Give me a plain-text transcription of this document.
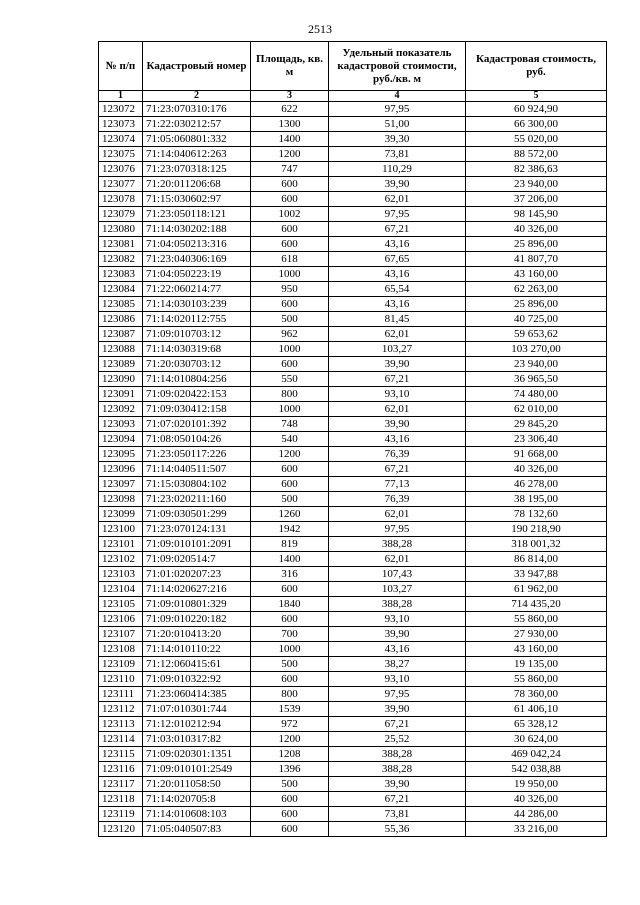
2513
№ п/п	Кадастровый номер	Площадь, кв. м	Удельный показатель кадастровой стоимости, руб./кв. м	Кадастровая стоимость, руб.
1	2	3	4	5
123072	71:23:070310:176	622	97,95	60 924,90
123073	71:22:030212:57	1300	51,00	66 300,00
123074	71:05:060801:332	1400	39,30	55 020,00
123075	71:14:040612:263	1200	73,81	88 572,00
123076	71:23:070318:125	747	110,29	82 386,63
123077	71:20:011206:68	600	39,90	23 940,00
123078	71:15:030602:97	600	62,01	37 206,00
123079	71:23:050118:121	1002	97,95	98 145,90
123080	71:14:030202:188	600	67,21	40 326,00
123081	71:04:050213:316	600	43,16	25 896,00
123082	71:23:040306:169	618	67,65	41 807,70
123083	71:04:050223:19	1000	43,16	43 160,00
123084	71:22:060214:77	950	65,54	62 263,00
123085	71:14:030103:239	600	43,16	25 896,00
123086	71:14:020112:755	500	81,45	40 725,00
123087	71:09:010703:12	962	62,01	59 653,62
123088	71:14:030319:68	1000	103,27	103 270,00
123089	71:20:030703:12	600	39,90	23 940,00
123090	71:14:010804:256	550	67,21	36 965,50
123091	71:09:020422:153	800	93,10	74 480,00
123092	71:09:030412:158	1000	62,01	62 010,00
123093	71:07:020101:392	748	39,90	29 845,20
123094	71:08:050104:26	540	43,16	23 306,40
123095	71:23:050117:226	1200	76,39	91 668,00
123096	71:14:040511:507	600	67,21	40 326,00
123097	71:15:030804:102	600	77,13	46 278,00
123098	71:23:020211:160	500	76,39	38 195,00
123099	71:09:030501:299	1260	62,01	78 132,60
123100	71:23:070124:131	1942	97,95	190 218,90
123101	71:09:010101:2091	819	388,28	318 001,32
123102	71:09:020514:7	1400	62,01	86 814,00
123103	71:01:020207:23	316	107,43	33 947,88
123104	71:14:020627:216	600	103,27	61 962,00
123105	71:09:010801:329	1840	388,28	714 435,20
123106	71:09:010220:182	600	93,10	55 860,00
123107	71:20:010413:20	700	39,90	27 930,00
123108	71:14:010110:22	1000	43,16	43 160,00
123109	71:12:060415:61	500	38,27	19 135,00
123110	71:09:010322:92	600	93,10	55 860,00
123111	71:23:060414:385	800	97,95	78 360,00
123112	71:07:010301:744	1539	39,90	61 406,10
123113	71:12:010212:94	972	67,21	65 328,12
123114	71:03:010317:82	1200	25,52	30 624,00
123115	71:09:020301:1351	1208	388,28	469 042,24
123116	71:09:010101:2549	1396	388,28	542 038,88
123117	71:20:011058:50	500	39,90	19 950,00
123118	71:14:020705:8	600	67,21	40 326,00
123119	71:14:010608:103	600	73,81	44 286,00
123120	71:05:040507:83	600	55,36	33 216,00
